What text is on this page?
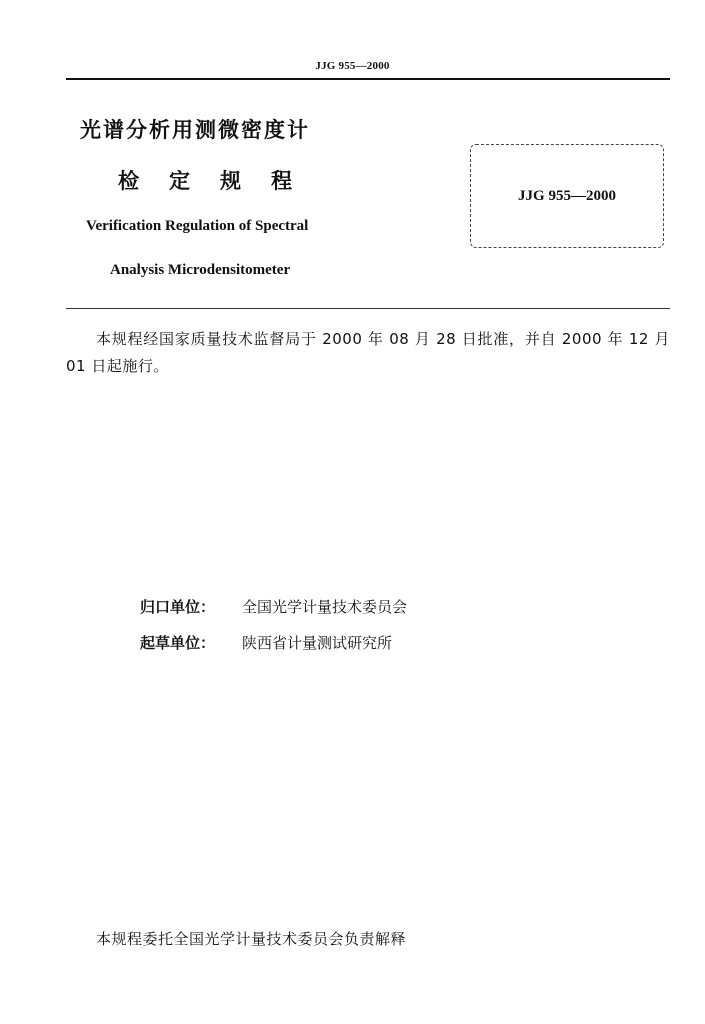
JJG 955—2000
光谱分析用测微密度计
检定规程
Verification Regulation of Spectral
Analysis Microdensitometer
JJG 955—2000
本规程经国家质量技术监督局于 2000 年 08 月 28 日批准，并自 2000 年 12 月 01 日起施行。
归口单位： 全国光学计量技术委员会
起草单位： 陕西省计量测试研究所
本规程委托全国光学计量技术委员会负责解释
